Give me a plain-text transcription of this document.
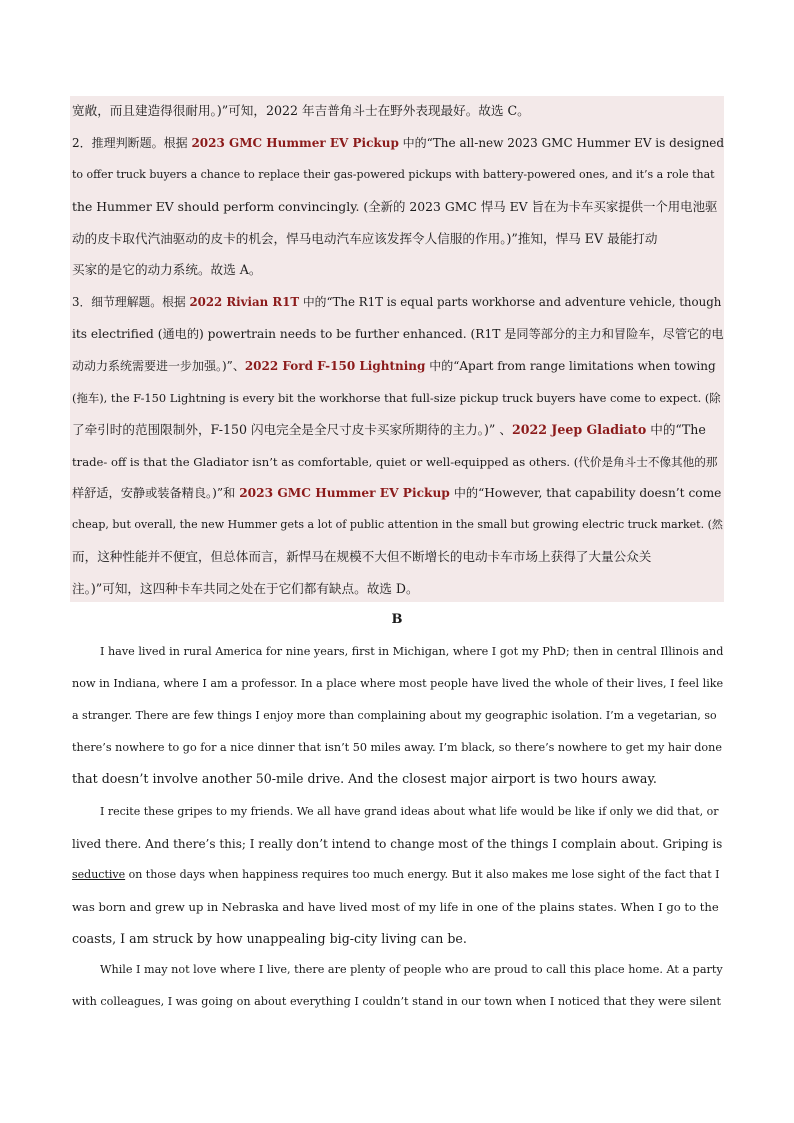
宽敞，而且建造得很耐用。)”可知，2022 年吉普角斗士在野外表现最好。故选 C。
2．推理判断题。根据 2023 GMC Hummer EV Pickup 中的“The all-new 2023 GMC Hummer EV is designed
to offer truck buyers a chance to replace their gas-powered pickups with battery-powered ones, and it’s a role that
the Hummer EV should perform convincingly. (全新的 2023 GMC 悍马 EV 旨在为卡车买家提供一个用电池驱
动的皮卡取代汽油驱动的皮卡的机会，悍马电动汽车应该发挥令人信服的作用。)”推知，悍马 EV 最能打动
买家的是它的动力系统。故选 A。
3．细节理解题。根据 2022 Rivian R1T 中的“The R1T is equal parts workhorse and adventure vehicle, though
its electrified (通电的) powertrain needs to be further enhanced. (R1T 是同等部分的主力和冒险车，尽管它的电
动动力系统需要进一步加强。)”、2022 Ford F-150 Lightning 中的“Apart from range limitations when towing
(拖车), the F-150 Lightning is every bit the workhorse that full-size pickup truck buyers have come to expect. (除
了牵引时的范围限制外，F-150 闪电完全是全尺寸皮卡买家所期待的主力。)” 、2022 Jeep Gladiato 中的“The
trade- off is that the Gladiator isn’t as comfortable, quiet or well-equipped as others. (代价是角斗士不像其他的那
样舒适，安静或装备精良。)”和 2023 GMC Hummer EV Pickup 中的“However, that capability doesn’t come
cheap, but overall, the new Hummer gets a lot of public attention in the small but growing electric truck market. (然
而，这种性能并不便宜，但总体而言，新悍马在规模不大但不断增长的电动卡车市场上获得了大量公众关
注。)”可知，这四种卡车共同之处在于它们都有缺点。故选 D。
B
I have lived in rural America for nine years, first in Michigan, where I got my PhD; then in central Illinois and
now in Indiana, where I am a professor. In a place where most people have lived the whole of their lives, I feel like
a stranger. There are few things I enjoy more than complaining about my geographic isolation. I’m a vegetarian, so
there’s nowhere to go for a nice dinner that isn’t 50 miles away. I’m black, so there’s nowhere to get my hair done
that doesn’t involve another 50-mile drive. And the closest major airport is two hours away.
I recite these gripes to my friends. We all have grand ideas about what life would be like if only we did that, or
lived there. And there’s this; I really don’t intend to change most of the things I complain about. Griping is
seductive on those days when happiness requires too much energy. But it also makes me lose sight of the fact that I
was born and grew up in Nebraska and have lived most of my life in one of the plains states. When I go to the
coasts, I am struck by how unappealing big-city living can be.
While I may not love where I live, there are plenty of people who are proud to call this place home. At a party
with colleagues, I was going on about everything I couldn’t stand in our town when I noticed that they were silent
